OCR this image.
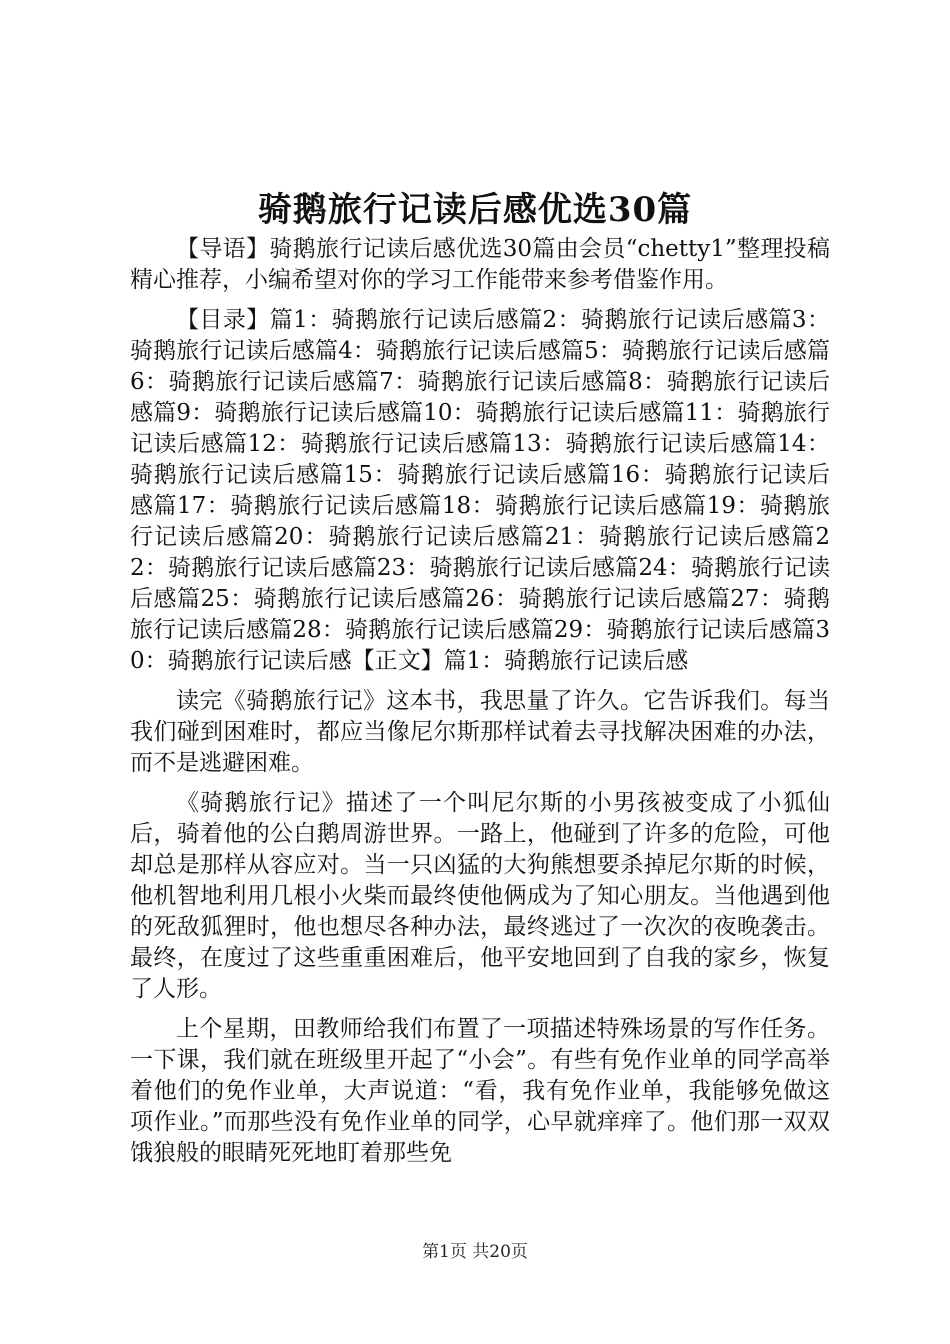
骑鹅旅行记读后感优选30篇

【导语】骑鹅旅行记读后感优选30篇由会员“chetty1”整理投稿精心推荐，小编希望对你的学习工作能带来参考借鉴作用。

【目录】篇1：骑鹅旅行记读后感篇2：骑鹅旅行记读后感篇3：骑鹅旅行记读后感篇4：骑鹅旅行记读后感篇5：骑鹅旅行记读后感篇6：骑鹅旅行记读后感篇7：骑鹅旅行记读后感篇8：骑鹅旅行记读后感篇9：骑鹅旅行记读后感篇10：骑鹅旅行记读后感篇11：骑鹅旅行记读后感篇12：骑鹅旅行记读后感篇13：骑鹅旅行记读后感篇14：骑鹅旅行记读后感篇15：骑鹅旅行记读后感篇16：骑鹅旅行记读后感篇17：骑鹅旅行记读后感篇18：骑鹅旅行记读后感篇19：骑鹅旅行记读后感篇20：骑鹅旅行记读后感篇21：骑鹅旅行记读后感篇22：骑鹅旅行记读后感篇23：骑鹅旅行记读后感篇24：骑鹅旅行记读后感篇25：骑鹅旅行记读后感篇26：骑鹅旅行记读后感篇27：骑鹅旅行记读后感篇28：骑鹅旅行记读后感篇29：骑鹅旅行记读后感篇30：骑鹅旅行记读后感【正文】篇1：骑鹅旅行记读后感

读完《骑鹅旅行记》这本书，我思量了许久。它告诉我们。每当我们碰到困难时，都应当像尼尔斯那样试着去寻找解决困难的办法，而不是逃避困难。

《骑鹅旅行记》描述了一个叫尼尔斯的小男孩被变成了小狐仙后，骑着他的公白鹅周游世界。一路上，他碰到了许多的危险，可他却总是那样从容应对。当一只凶猛的大狗熊想要杀掉尼尔斯的时候，他机智地利用几根小火柴而最终使他俩成为了知心朋友。当他遇到他的死敌狐狸时，他也想尽各种办法，最终逃过了一次次的夜晚袭击。最终，在度过了这些重重困难后，他平安地回到了自我的家乡，恢复了人形。

上个星期，田教师给我们布置了一项描述特殊场景的写作任务。一下课，我们就在班级里开起了“小会”。有些有免作业单的同学高举着他们的免作业单，大声说道：“看，我有免作业单，我能够免做这项作业。”而那些没有免作业单的同学，心早就痒痒了。他们那一双双饿狼般的眼睛死死地盯着那些免

第1页 共20页
